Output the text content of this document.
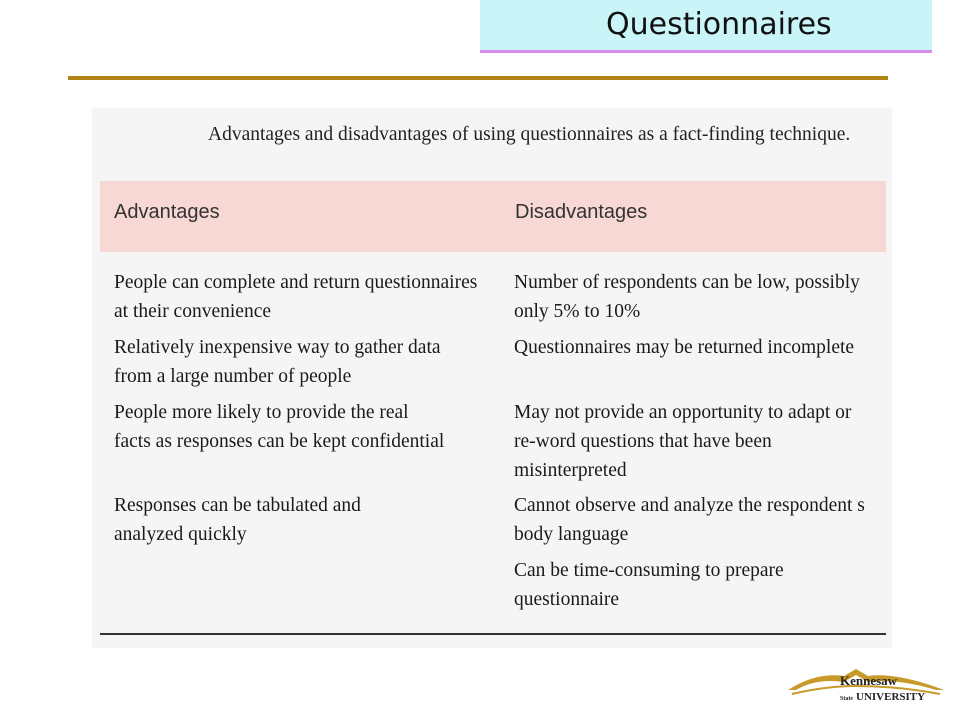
Questionnaires
Advantages and disadvantages of using questionnaires as a fact-finding technique.
Advantages	Disadvantages
People can complete and return questionnaires
at their convenience
Relatively inexpensive way to gather data
from a large number of people
People more likely to provide the real
facts as responses can be kept confidential
Responses can be tabulated and
analyzed quickly
Number of respondents can be low, possibly
only 5% to 10%
Questionnaires may be returned incomplete
May not provide an opportunity to adapt or
re-word questions that have been
misinterpreted
Cannot observe and analyze the respondent s
body language
Can be time-consuming to prepare
questionnaire
Kennesaw
State UNIVERSITY
